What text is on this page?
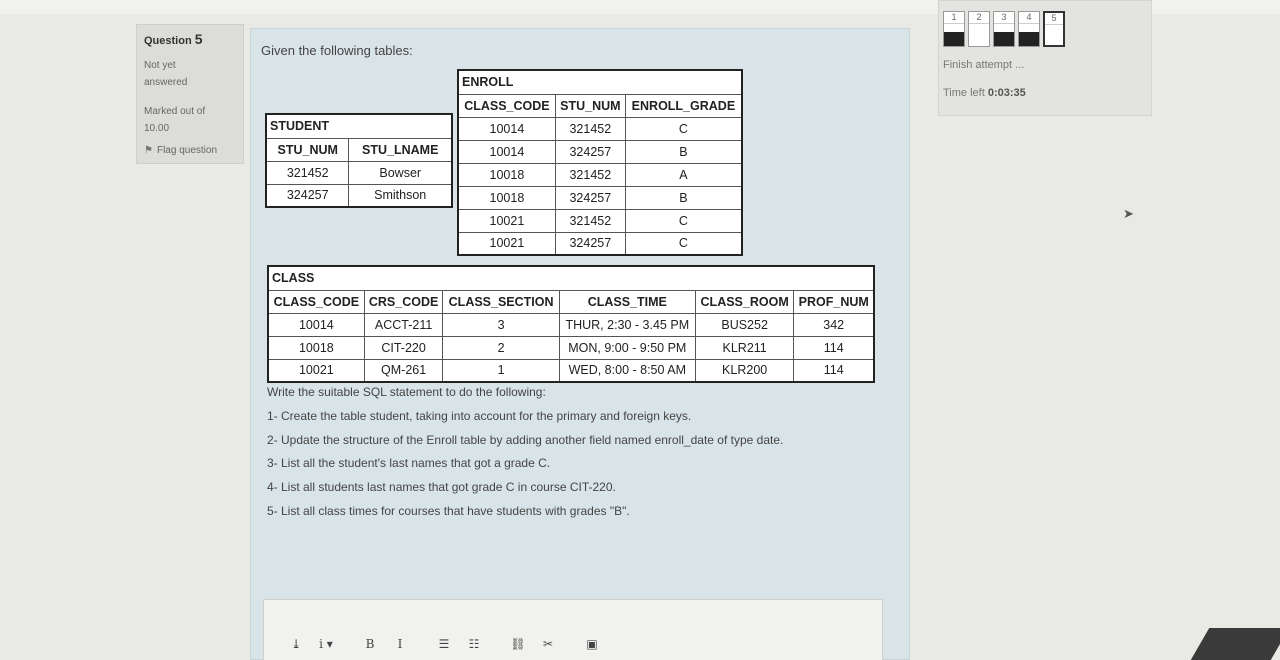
Question 5
Not yet answered
Marked out of
10.00
⚑ Flag question
Given the following tables:
ENROLL		
CLASS_CODE	STU_NUM	ENROLL_GRADE
10014	321452	C
10014	324257	B
10018	321452	A
10018	324257	B
10021	321452	C
10021	324257	C
STUDENT	
STU_NUM	STU_LNAME
321452	Bowser
324257	Smithson
CLASS					
CLASS_CODE	CRS_CODE	CLASS_SECTION	CLASS_TIME	CLASS_ROOM	PROF_NUM
10014	ACCT-211	3	THUR, 2:30 - 3.45 PM	BUS252	342
10018	CIT-220	2	MON, 9:00 - 9:50 PM	KLR211	114
10021	QM-261	1	WED, 8:00 - 8:50 AM	KLR200	114

Write the suitable SQL statement to do the following:

1- Create the table student, taking into account for the primary and foreign keys.

2- Update the structure of the Enroll table by adding another field named enroll_date of type date.

3- List all the student's last names that got a grade C.

4- List all students last names that got grade C in course CIT-220.

5- List all class times for courses that have students with grades "B".

⤓ i ▾	B I	☰ ☷	⛓ ✂	▣
1	2	3	4	5
Finish attempt ...
Time left 0:03:35
➤
